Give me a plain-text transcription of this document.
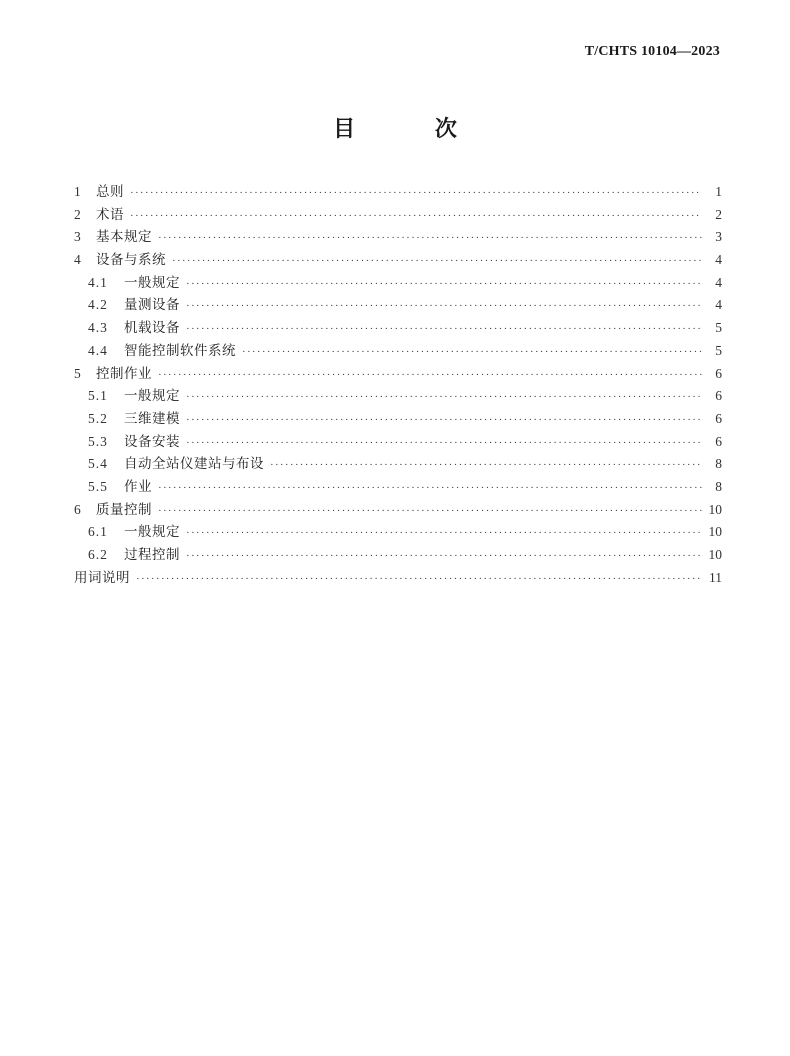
T/CHTS 10104—2023
目 次
1	总则 ·····	1
2	术语 ·····	2
3	基本规定 ·····	3
4	设备与系统 ·····	4
4.1	一般规定 ·····	4
4.2	量测设备 ·····	4
4.3	机载设备 ·····	5
4.4	智能控制软件系统 ·····	5
5	控制作业 ·····	6
5.1	一般规定 ·····	6
5.2	三维建模 ·····	6
5.3	设备安装 ·····	6
5.4	自动全站仪建站与布设 ·····	8
5.5	作业 ·····	8
6	质量控制 ·····	10
6.1	一般规定 ·····	10
6.2	过程控制 ·····	10
用词说明 ·····	11
